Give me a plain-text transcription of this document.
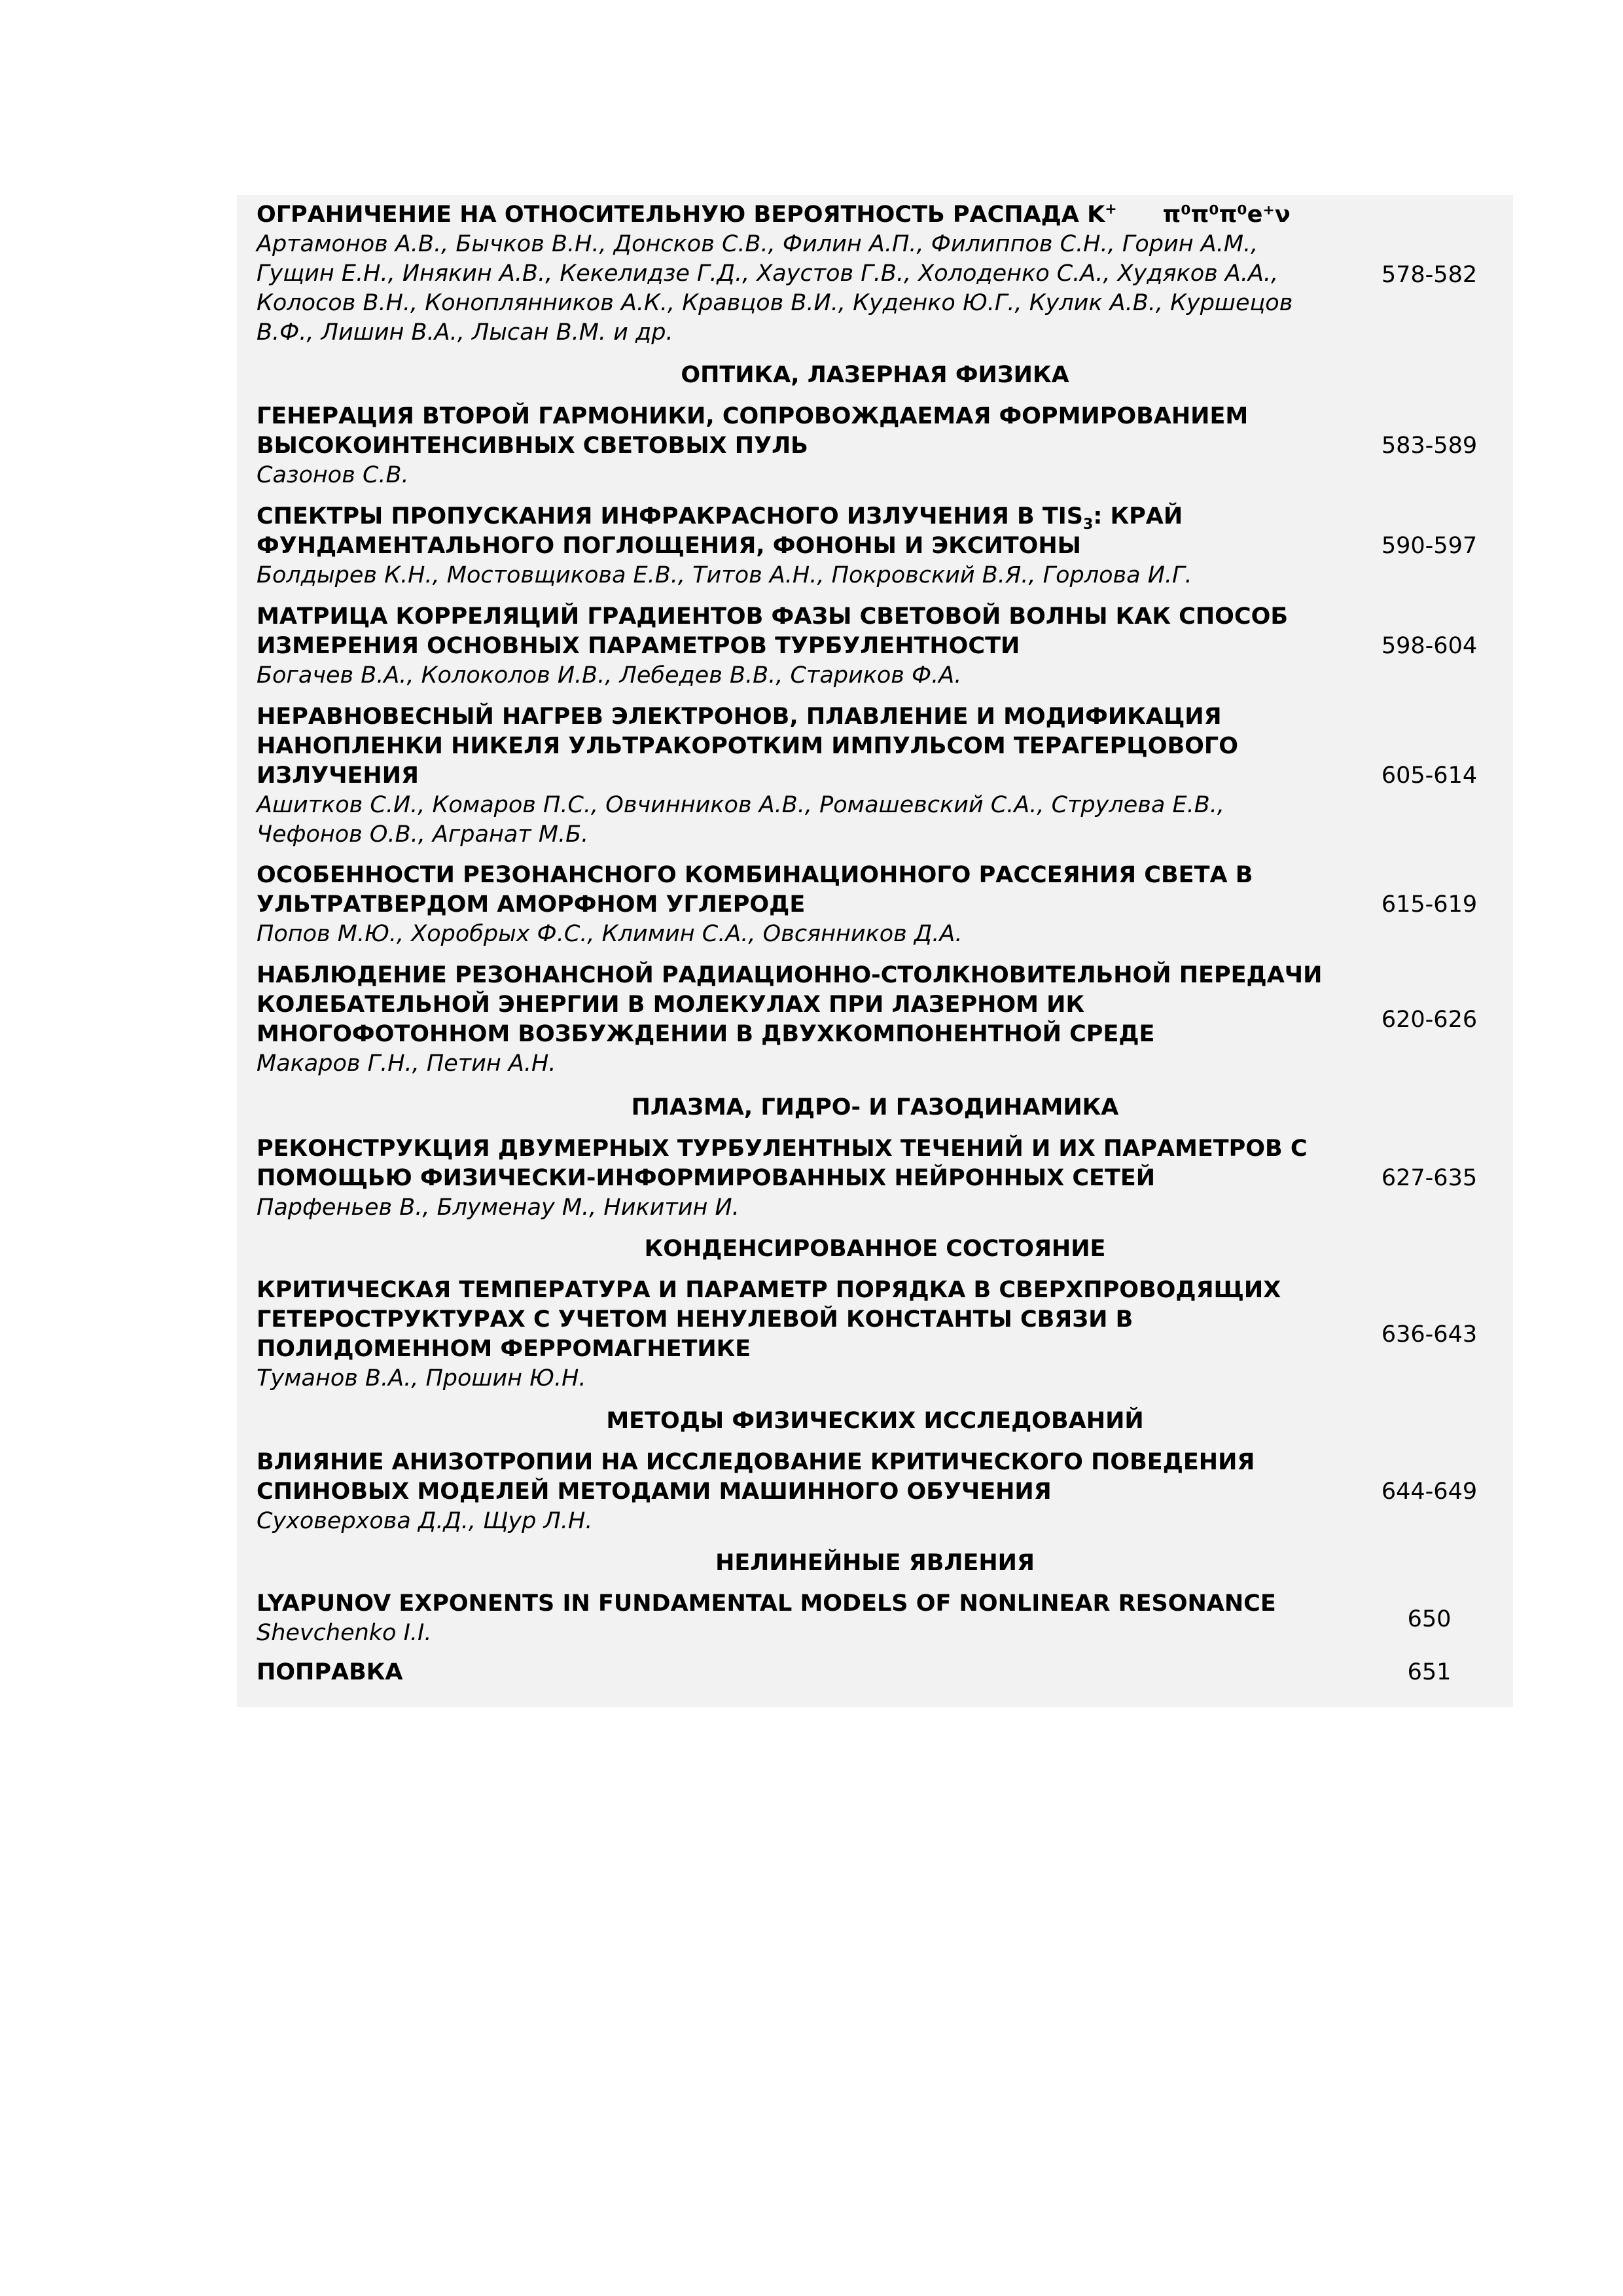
ОГРАНИЧЕНИЕ НА ОТНОСИТЕЛЬНУЮ ВЕРОЯТНОСТЬ РАСПАДА K+ π⁰π⁰π⁰e⁺ν
Артамонов А.В., Бычков В.Н., Донсков С.В., Филин А.П., Филиппов С.Н., Горин А.М., Гущин Е.Н., Инякин А.В., Кекелидзе Г.Д., Хаустов Г.В., Холоденко С.А., Худяков А.А., Колосов В.Н., Коноплянников А.К., Кравцов В.И., Куденко Ю.Г., Кулик А.В., Куршецов В.Ф., Лишин В.А., Лысан В.М. и др.
578-582
ОПТИКА, ЛАЗЕРНАЯ ФИЗИКА
ГЕНЕРАЦИЯ ВТОРОЙ ГАРМОНИКИ, СОПРОВОЖДАЕМАЯ ФОРМИРОВАНИЕМ ВЫСОКОИНТЕНСИВНЫХ СВЕТОВЫХ ПУЛЬ
Сазонов С.В.
583-589
СПЕКТРЫ ПРОПУСКАНИЯ ИНФРАКРАСНОГО ИЗЛУЧЕНИЯ В $TIS_3$: КРАЙ ФУНДАМЕНТАЛЬНОГО ПОГЛОЩЕНИЯ, ФОНОНЫ И ЭКСИТОНЫ
Болдырев К.Н., Мостовщикова Е.В., Титов А.Н., Покровский В.Я., Горлова И.Г.
590-597
МАТРИЦА КОРРЕЛЯЦИЙ ГРАДИЕНТОВ ФАЗЫ СВЕТОВОЙ ВОЛНЫ КАК СПОСОБ ИЗМЕРЕНИЯ ОСНОВНЫХ ПАРАМЕТРОВ ТУРБУЛЕНТНОСТИ
Богачев В.А., Колоколов И.В., Лебедев В.В., Стариков Ф.А.
598-604
НЕРАВНОВЕСНЫЙ НАГРЕВ ЭЛЕКТРОНОВ, ПЛАВЛЕНИЕ И МОДИФИКАЦИЯ НАНОПЛЕНКИ НИКЕЛЯ УЛЬТРАКОРОТКИМ ИМПУЛЬСОМ ТЕРАГЕРЦОВОГО ИЗЛУЧЕНИЯ
Ашитков С.И., Комаров П.С., Овчинников А.В., Ромашевский С.А., Струлева Е.В., Чефонов О.В., Агранат М.Б.
605-614
ОСОБЕННОСТИ РЕЗОНАНСНОГО КОМБИНАЦИОННОГО РАССЕЯНИЯ СВЕТА В УЛЬТРАТВЕРДОМ АМОРФНОМ УГЛЕРОДЕ
Попов М.Ю., Хоробрых Ф.С., Климин С.А., Овсянников Д.А.
615-619
НАБЛЮДЕНИЕ РЕЗОНАНСНОЙ РАДИАЦИОННО-СТОЛКНОВИТЕЛЬНОЙ ПЕРЕДАЧИ КОЛЕБАТЕЛЬНОЙ ЭНЕРГИИ В МОЛЕКУЛАХ ПРИ ЛАЗЕРНОМ ИК МНОГОФОТОННОМ ВОЗБУЖДЕНИИ В ДВУХКОМПОНЕНТНОЙ СРЕДЕ
Макаров Г.Н., Петин А.Н.
620-626
ПЛАЗМА, ГИДРО- И ГАЗОДИНАМИКА
РЕКОНСТРУКЦИЯ ДВУМЕРНЫХ ТУРБУЛЕНТНЫХ ТЕЧЕНИЙ И ИХ ПАРАМЕТРОВ С ПОМОЩЬЮ ФИЗИЧЕСКИ-ИНФОРМИРОВАННЫХ НЕЙРОННЫХ СЕТЕЙ
Парфеньев В., Блуменау М., Никитин И.
627-635
КОНДЕНСИРОВАННОЕ СОСТОЯНИЕ
КРИТИЧЕСКАЯ ТЕМПЕРАТУРА И ПАРАМЕТР ПОРЯДКА В СВЕРХПРОВОДЯЩИХ ГЕТЕРОСТРУКТУРАХ С УЧЕТОМ НЕНУЛЕВОЙ КОНСТАНТЫ СВЯЗИ В ПОЛИДОМЕННОМ ФЕРРОМАГНЕТИКЕ
Туманов В.А., Прошин Ю.Н.
636-643
МЕТОДЫ ФИЗИЧЕСКИХ ИССЛЕДОВАНИЙ
ВЛИЯНИЕ АНИЗОТРОПИИ НА ИССЛЕДОВАНИЕ КРИТИЧЕСКОГО ПОВЕДЕНИЯ СПИНОВЫХ МОДЕЛЕЙ МЕТОДАМИ МАШИННОГО ОБУЧЕНИЯ
Суховерхова Д.Д., Щур Л.Н.
644-649
НЕЛИНЕЙНЫЕ ЯВЛЕНИЯ
LYAPUNOV EXPONENTS IN FUNDAMENTAL MODELS OF NONLINEAR RESONANCE
Shevchenko I.I.
650
ПОПРАВКА	651
